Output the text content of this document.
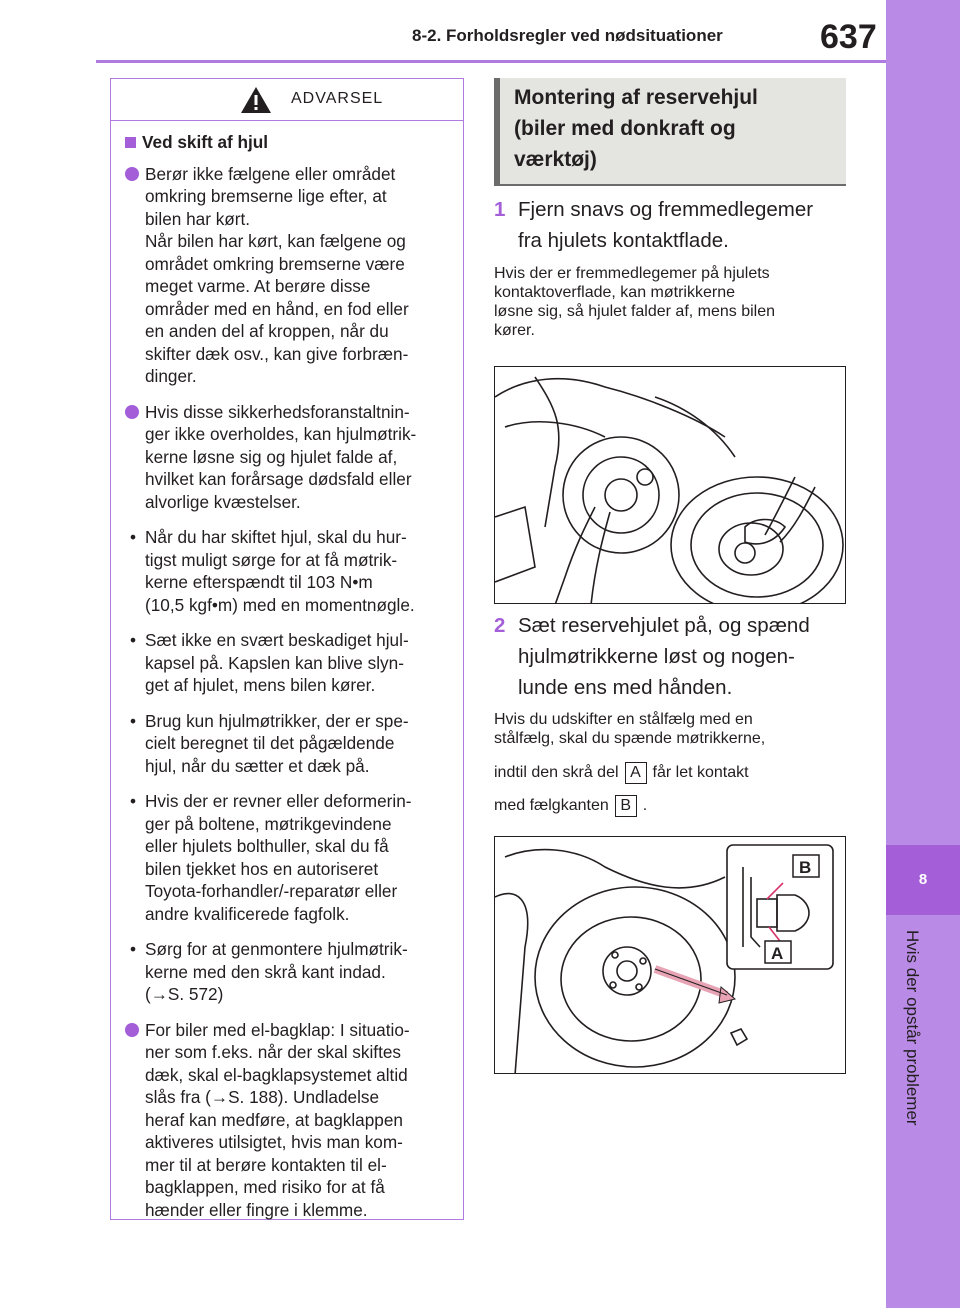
8-2. Forholdsregler ved nødsituationer	637
8
Hvis der opstår problemer
ADVARSEL
Ved skift af hjul
Berør ikke fælgene eller området
omkring bremserne lige efter, at
bilen har kørt.
Når bilen har kørt, kan fælgene og
området omkring bremserne være
meget varme. At berøre disse
områder med en hånd, en fod eller
en anden del af kroppen, når du
skifter dæk osv., kan give forbræn-
dinger.
Hvis disse sikkerhedsforanstaltnin-
ger ikke overholdes, kan hjulmøtrik-
kerne løsne sig og hjulet falde af,
hvilket kan forårsage dødsfald eller
alvorlige kvæstelser.
• Når du har skiftet hjul, skal du hur-
tigst muligt sørge for at få møtrik-
kerne efterspændt til 103 N•m
(10,5 kgf•m) med en momentnøgle.
• Sæt ikke en svært beskadiget hjul-
kapsel på. Kapslen kan blive slyn-
get af hjulet, mens bilen kører.
• Brug kun hjulmøtrikker, der er spe-
cielt beregnet til det pågældende
hjul, når du sætter et dæk på.
• Hvis der er revner eller deformerin-
ger på boltene, møtrikgevindene
eller hjulets bolthuller, skal du få
bilen tjekket hos en autoriseret
Toyota-forhandler/-reparatør eller
andre kvalificerede fagfolk.
• Sørg for at genmontere hjulmøtrik-
kerne med den skrå kant indad.
(→S. 572)
For biler med el-bagklap: I situatio-
ner som f.eks. når der skal skiftes
dæk, skal el-bagklapsystemet altid
slås fra (→S. 188). Undladelse
heraf kan medføre, at bagklappen
aktiveres utilsigtet, hvis man kom-
mer til at berøre kontakten til el-
bagklappen, med risiko for at få
hænder eller fingre i klemme.
Montering af reservehjul
(biler med donkraft og
værktøj)
1 Fjern snavs og fremmedlegemer
fra hjulets kontaktflade.
Hvis der er fremmedlegemer på hjulets
kontaktoverflade, kan møtrikkerne
løsne sig, så hjulet falder af, mens bilen
kører.
2 Sæt reservehjulet på, og spænd
hjulmøtrikkerne løst og nogen-
lunde ens med hånden.
Hvis du udskifter en stålfælg med en
stålfælg, skal du spænde møtrikkerne,
indtil den skrå del A får let kontakt
med fælgkanten B .
B
A
